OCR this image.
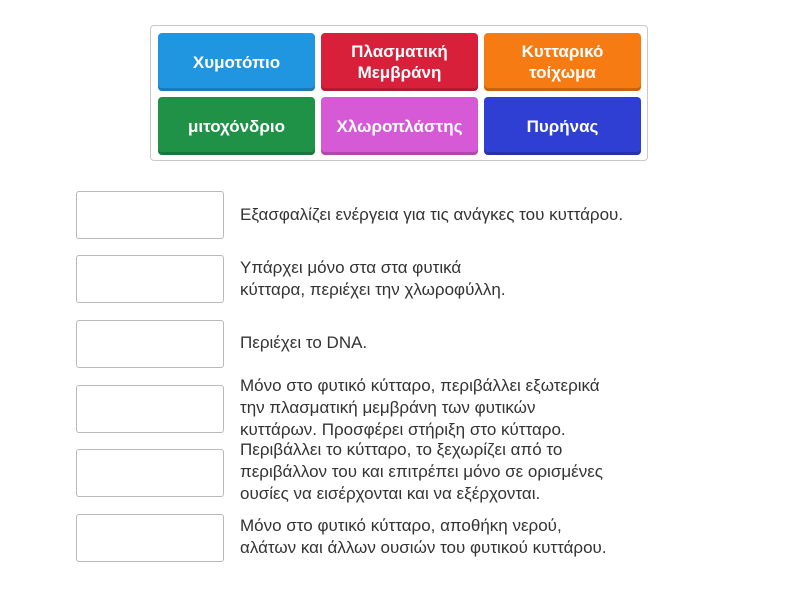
Χυμοτόπιο
Πλασματική
Μεμβράνη
Κυτταρικό
τοίχωμα
μιτοχόνδριο	Χλωροπλάστης	Πυρήνας
Εξασφαλίζει ενέργεια για τις ανάγκες του κυττάρου.
Υπάρχει μόνο στα στα φυτικά
κύτταρα, περιέχει την χλωροφύλλη.
Περιέχει το DNA.
Μόνο στο φυτικό κύτταρο, περιβάλλει εξωτερικά
την πλασματική μεμβράνη των φυτικών
κυττάρων. Προσφέρει στήριξη στο κύτταρο.
Περιβάλλει το κύτταρο, το ξεχωρίζει από το
περιβάλλον του και επιτρέπει μόνο σε ορισμένες
ουσίες να εισέρχονται και να εξέρχονται.
Μόνο στο φυτικό κύτταρο, αποθήκη νερού,
αλάτων και άλλων ουσιών του φυτικού κυττάρου.
